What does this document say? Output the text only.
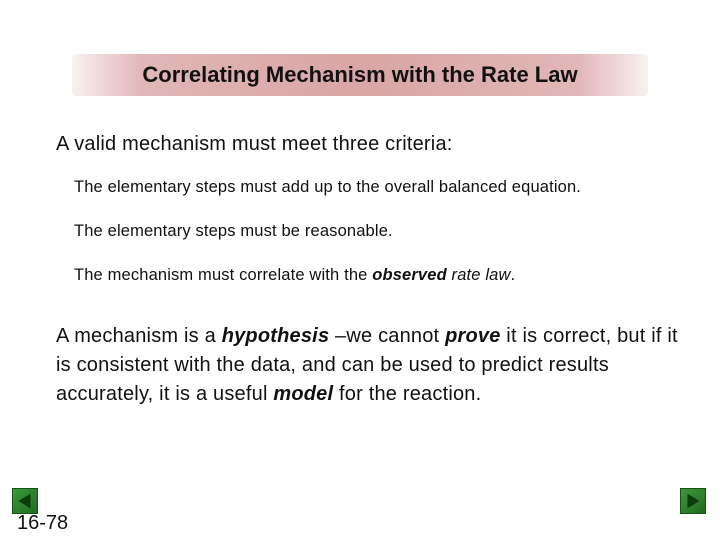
Correlating Mechanism with the Rate Law
A valid mechanism must meet three criteria:
The elementary steps must add up to the overall balanced equation.
The elementary steps must be reasonable.
The mechanism must correlate with the observed rate law.
A mechanism is a hypothesis –we cannot prove it is correct, but if it is consistent with the data, and can be used to predict results accurately, it is a useful model for the reaction.
16-78
